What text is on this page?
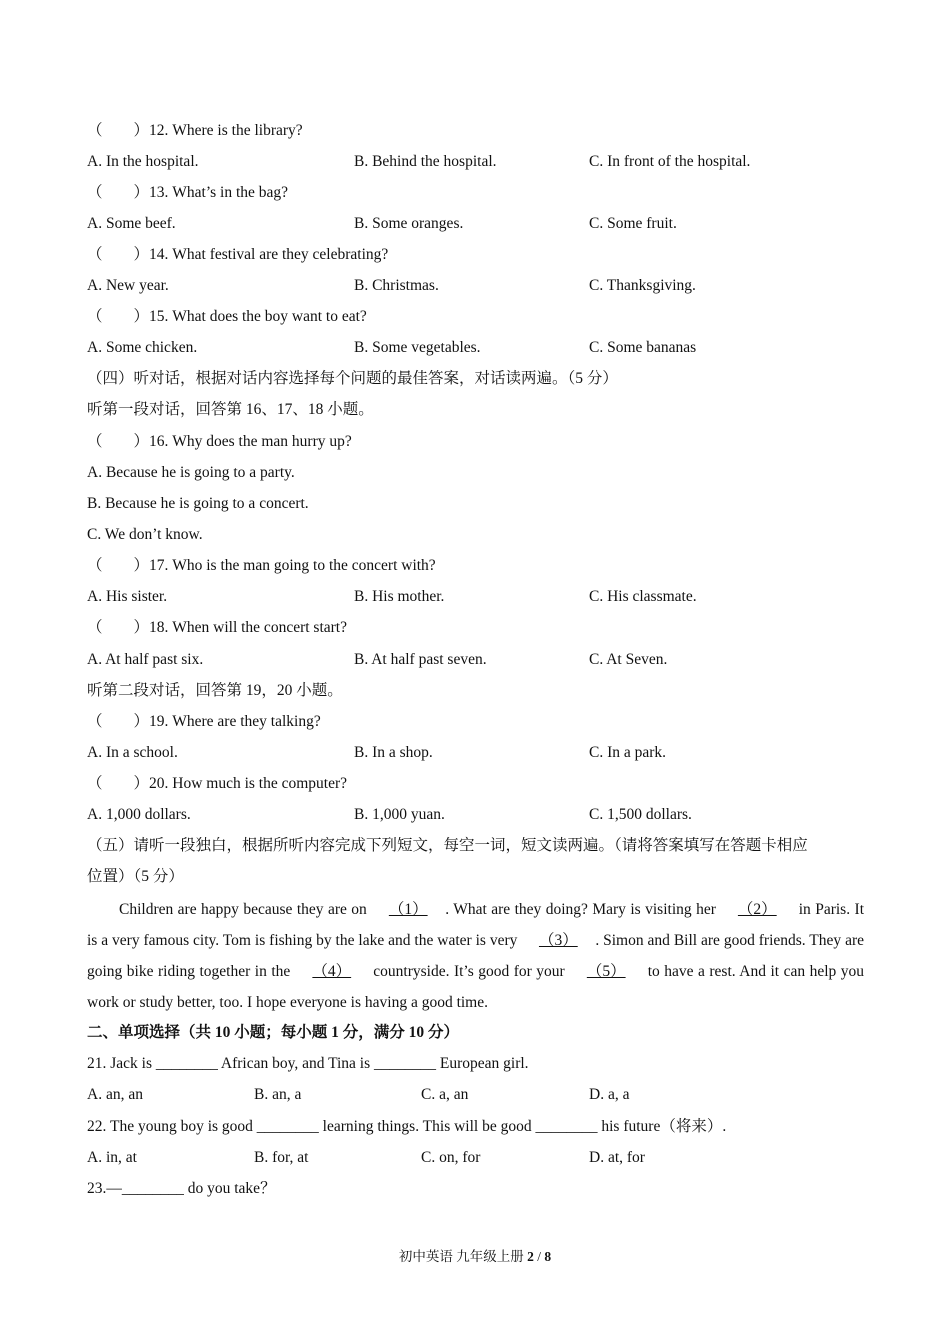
（　　）12. Where is the library?
A. In the hospital.	B. Behind the hospital.	C. In front of the hospital.
（　　）13. What’s in the bag?
A. Some beef.	B. Some oranges.	C. Some fruit.
（　　）14. What festival are they celebrating?
A. New year.	B. Christmas.	C. Thanksgiving.
（　　）15. What does the boy want to eat?
A. Some chicken.	B. Some vegetables.	C. Some bananas
（四）听对话，根据对话内容选择每个问题的最佳答案，对话读两遍。（5 分）
听第一段对话，回答第 16、17、18 小题。
（　　）16. Why does the man hurry up?
A. Because he is going to a party.
B. Because he is going to a concert.
C. We don’t know.
（　　）17. Who is the man going to the concert with?
A. His sister.	B. His mother.	C. His classmate.
（　　）18. When will the concert start?
A. At half past six.	B. At half past seven.	C. At Seven.
听第二段对话，回答第 19，20 小题。
（　　）19. Where are they talking?
A. In a school.	B. In a shop.	C. In a park.
（　　）20. How much is the computer?
A. 1,000 dollars.	B. 1,000 yuan.	C. 1,500 dollars.
（五）请听一段独白，根据所听内容完成下列短文，每空一词，短文读两遍。（请将答案填写在答题卡相应
位置）（5 分）
Children are happy because they are on （1） . What are they doing? Mary is visiting her （2） in Paris. It is a very famous city. Tom is fishing by the lake and the water is very （3） . Simon and Bill are good friends. They are going bike riding together in the （4） countryside. It’s good for your （5） to have a rest. And it can help you work or study better, too. I hope everyone is having a good time.
二、单项选择（共 10 小题；每小题 1 分，满分 10 分）
21. Jack is ________ African boy, and Tina is ________ European girl.
A. an, an	B. an, a	C. a, an	D. a, a
22. The young boy is good ________ learning things. This will be good ________ his future（将来）.
A. in, at	B. for, at	C. on, for	D. at, for
23.—________ do you take？
初中英语 九年级上册 2 / 8
